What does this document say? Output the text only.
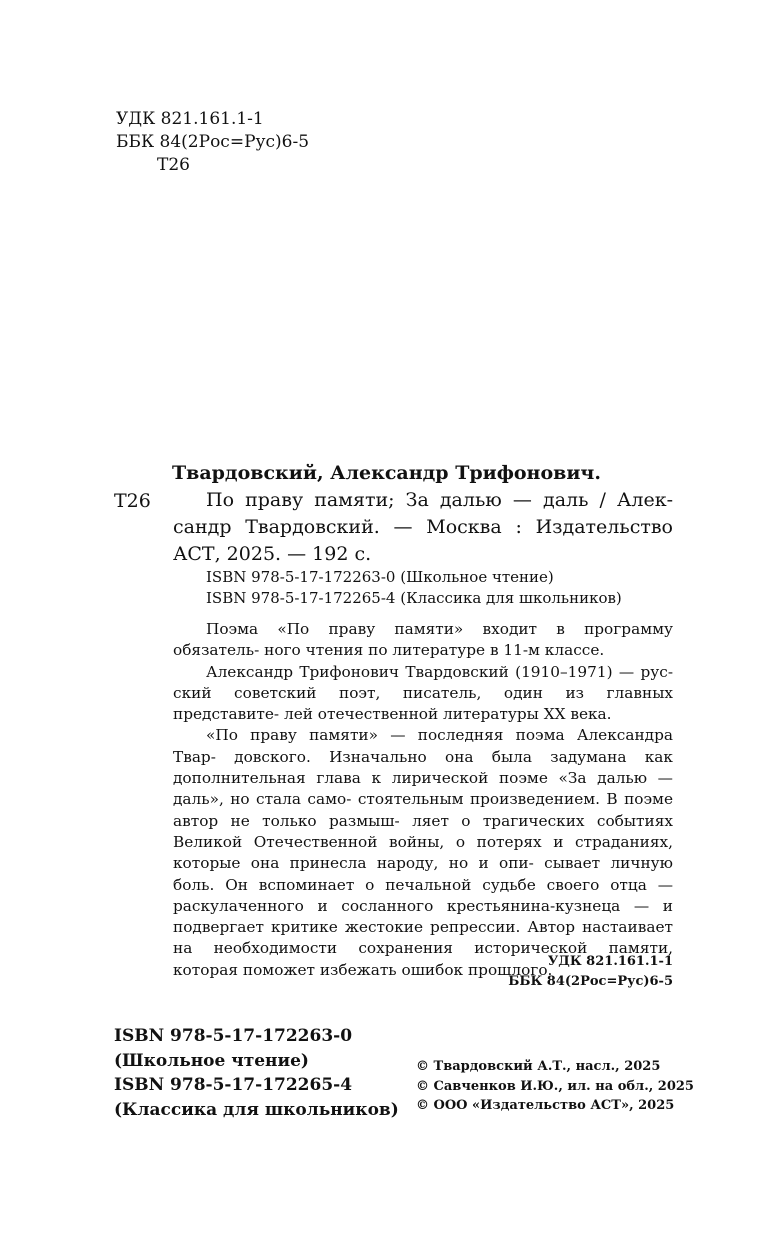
УДК 821.161.1-1
ББК 84(2Рос=Рус)6-5
Т26
Твардовский, Александр Трифонович.
Т26	По праву памяти; За далью — даль / Алек- сандр Твардовский. — Москва : Издательство АСТ, 2025. — 192 с.
ISBN 978-5-17-172263-0 (Школьное чтение)
ISBN 978-5-17-172265-4 (Классика для школьников)

Поэма «По праву памяти» входит в программу обязатель- ного чтения по литературе в 11-м классе.

Александр Трифонович Твардовский (1910–1971) — рус- ский советский поэт, писатель, один из главных представите- лей отечественной литературы XX века.

«По праву памяти» — последняя поэма Александра Твар- довского. Изначально она была задумана как дополнительная глава к лирической поэме «За далью — даль», но стала само- стоятельным произведением. В поэме автор не только размыш- ляет о трагических событиях Великой Отечественной войны, о потерях и страданиях, которые она принесла народу, но и опи- сывает личную боль. Он вспоминает о печальной судьбе своего отца — раскулаченного и сосланного крестьянина-кузнеца — и подвергает критике жестокие репрессии. Автор настаивает на необходимости сохранения исторической памяти, которая поможет избежать ошибок прошлого.

УДК 821.161.1-1
ББК 84(2Рос=Рус)6-5
ISBN 978-5-17-172263-0
(Школьное чтение)
ISBN 978-5-17-172265-4
(Классика для школьников)
© Твардовский А.Т., насл., 2025
© Савченков И.Ю., ил. на обл., 2025
© ООО «Издательство АСТ», 2025
